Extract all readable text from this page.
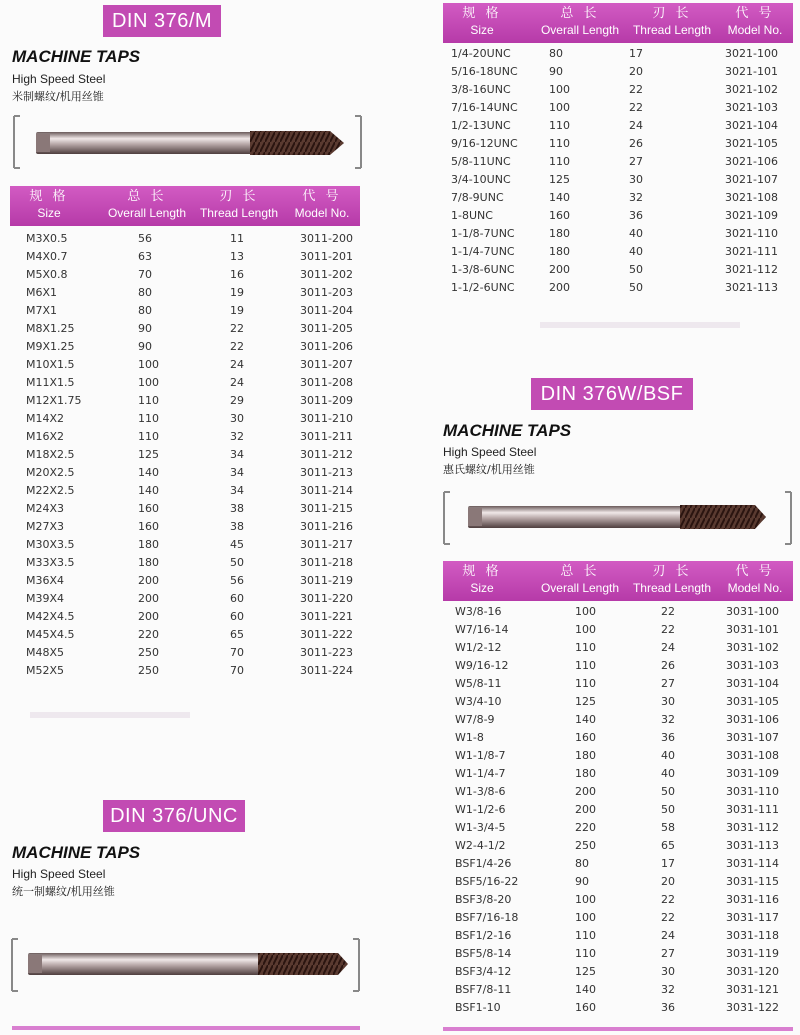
DIN 376/M
MACHINE TAPS
High Speed Steel
米制螺纹/机用丝锥
规 格
Size
总 长
Overall Length
刃 长
Thread Length
代 号
Model No.
M3X0.5	56	11	3011-200
M4X0.7	63	13	3011-201
M5X0.8	70	16	3011-202
M6X1	80	19	3011-203
M7X1	80	19	3011-204
M8X1.25	90	22	3011-205
M9X1.25	90	22	3011-206
M10X1.5	100	24	3011-207
M11X1.5	100	24	3011-208
M12X1.75	110	29	3011-209
M14X2	110	30	3011-210
M16X2	110	32	3011-211
M18X2.5	125	34	3011-212
M20X2.5	140	34	3011-213
M22X2.5	140	34	3011-214
M24X3	160	38	3011-215
M27X3	160	38	3011-216
M30X3.5	180	45	3011-217
M33X3.5	180	50	3011-218
M36X4	200	56	3011-219
M39X4	200	60	3011-220
M42X4.5	200	60	3011-221
M45X4.5	220	65	3011-222
M48X5	250	70	3011-223
M52X5	250	70	3011-224
DIN 376/UNC
MACHINE TAPS
High Speed Steel
统一制螺纹/机用丝锥
规 格
Size
总 长
Overall Length
刃 长
Thread Length
代 号
Model No.
1/4-20UNC	80	17	3021-100
5/16-18UNC	90	20	3021-101
3/8-16UNC	100	22	3021-102
7/16-14UNC	100	22	3021-103
1/2-13UNC	110	24	3021-104
9/16-12UNC	110	26	3021-105
5/8-11UNC	110	27	3021-106
3/4-10UNC	125	30	3021-107
7/8-9UNC	140	32	3021-108
1-8UNC	160	36	3021-109
1-1/8-7UNC	180	40	3021-110
1-1/4-7UNC	180	40	3021-111
1-3/8-6UNC	200	50	3021-112
1-1/2-6UNC	200	50	3021-113
DIN 376W/BSF
MACHINE TAPS
High Speed Steel
惠氏螺纹/机用丝锥
规 格
Size
总 长
Overall Length
刃 长
Thread Length
代 号
Model No.
W3/8-16	100	22	3031-100
W7/16-14	100	22	3031-101
W1/2-12	110	24	3031-102
W9/16-12	110	26	3031-103
W5/8-11	110	27	3031-104
W3/4-10	125	30	3031-105
W7/8-9	140	32	3031-106
W1-8	160	36	3031-107
W1-1/8-7	180	40	3031-108
W1-1/4-7	180	40	3031-109
W1-3/8-6	200	50	3031-110
W1-1/2-6	200	50	3031-111
W1-3/4-5	220	58	3031-112
W2-4-1/2	250	65	3031-113
BSF1/4-26	80	17	3031-114
BSF5/16-22	90	20	3031-115
BSF3/8-20	100	22	3031-116
BSF7/16-18	100	22	3031-117
BSF1/2-16	110	24	3031-118
BSF5/8-14	110	27	3031-119
BSF3/4-12	125	30	3031-120
BSF7/8-11	140	32	3031-121
BSF1-10	160	36	3031-122
